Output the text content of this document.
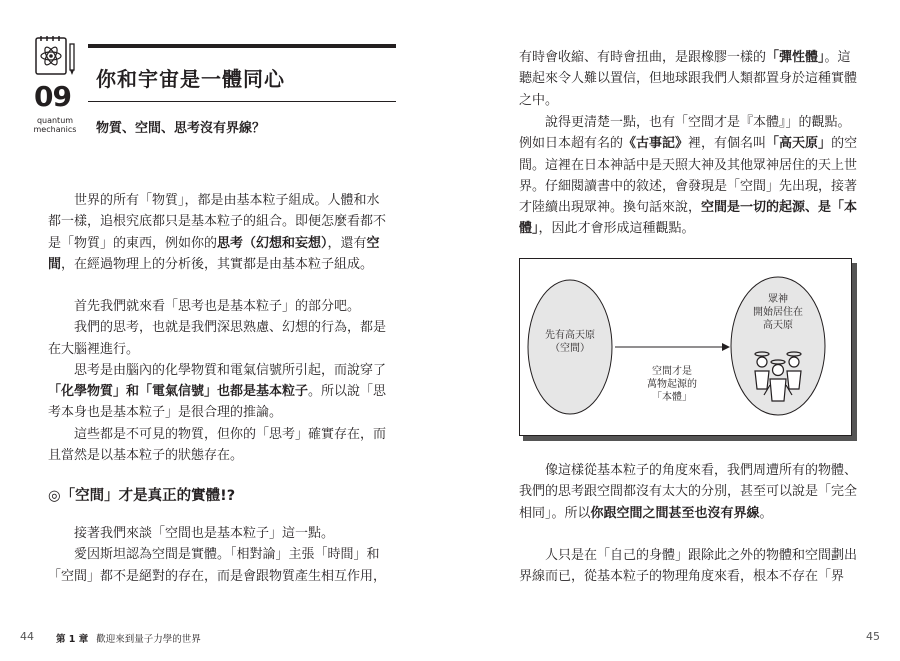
09
quantum
mechanics
你和宇宙是一體同心
物質、空間、思考沒有界線？
世界的所有「物質」，都是由基本粒子組成。人體和水
都一樣，追根究底都只是基本粒子的組合。即便怎麼看都不
是「物質」的東西，例如你的思考（幻想和妄想），還有空
間，在經過物理上的分析後，其實都是由基本粒子組成。
首先我們就來看「思考也是基本粒子」的部分吧。
我們的思考，也就是我們深思熟慮、幻想的行為，都是
在大腦裡進行。
思考是由腦內的化學物質和電氣信號所引起，而說穿了
「化學物質」和「電氣信號」也都是基本粒子。所以說「思
考本身也是基本粒子」是很合理的推論。
這些都是不可見的物質，但你的「思考」確實存在，而
且當然是以基本粒子的狀態存在。
◎「空間」才是真正的實體!?
接著我們來談「空間也是基本粒子」這一點。
愛因斯坦認為空間是實體。「相對論」主張「時間」和
「空間」都不是絕對的存在，而是會跟物質產生相互作用，
44 第 1 章 歡迎來到量子力學的世界
有時會收縮、有時會扭曲，是跟橡膠一樣的「彈性體」。這
聽起來令人難以置信，但地球跟我們人類都置身於這種實體
之中。
說得更清楚一點，也有「空間才是『本體』」的觀點。
例如日本超有名的《古事記》裡，有個名叫「高天原」的空
間。這裡在日本神話中是天照大神及其他眾神居住的天上世
界。仔細閱讀書中的敘述，會發現是「空間」先出現，接著
才陸續出現眾神。換句話來說，空間是一切的起源、是「本
體」，因此才會形成這種觀點。
先有高天原
（空間）
空間才是
萬物起源的
「本體」
眾神
開始居住在
高天原
像這樣從基本粒子的角度來看，我們周遭所有的物體、
我們的思考跟空間都沒有太大的分別，甚至可以說是「完全
相同」。所以你跟空間之間甚至也沒有界線。
人只是在「自己的身體」跟除此之外的物體和空間劃出
界線而已，從基本粒子的物理角度來看，根本不存在「界
45
